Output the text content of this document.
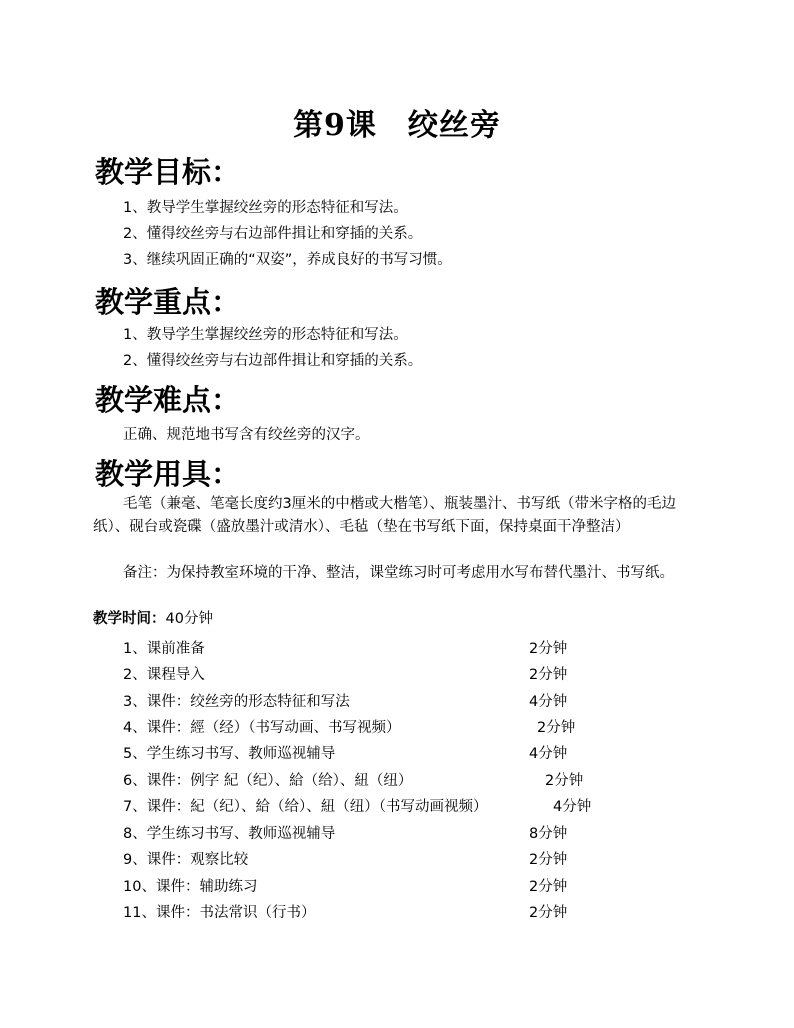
第9课　绞丝旁
教学目标：
1、教导学生掌握绞丝旁的形态特征和写法。
2、懂得绞丝旁与右边部件揖让和穿插的关系。
3、继续巩固正确的“双姿”，养成良好的书写习惯。
教学重点：
1、教导学生掌握绞丝旁的形态特征和写法。
2、懂得绞丝旁与右边部件揖让和穿插的关系。
教学难点：
正确、规范地书写含有绞丝旁的汉字。
教学用具：
毛笔（兼毫、笔毫长度约3厘米的中楷或大楷笔）、瓶装墨汁、书写纸（带米字格的毛边纸）、砚台或瓷碟（盛放墨汁或清水）、毛毡（垫在书写纸下面，保持桌面干净整洁）
备注：为保持教室环境的干净、整洁，课堂练习时可考虑用水写布替代墨汁、书写纸。
教学时间：40分钟
1、课前准备	2分钟
2、课程导入	2分钟
3、课件：绞丝旁的形态特征和写法	4分钟
4、课件：經（经）（书写动画、书写视频）	2分钟
5、学生练习书写、教师巡视辅导	4分钟
6、课件：例字 紀（纪）、給（给）、紐（纽）	2分钟
7、课件：紀（纪）、給（给）、紐（纽）（书写动画视频）	4分钟
8、学生练习书写、教师巡视辅导	8分钟
9、课件：观察比较	2分钟
10、课件：辅助练习	2分钟
11、课件：书法常识（行书）	2分钟
